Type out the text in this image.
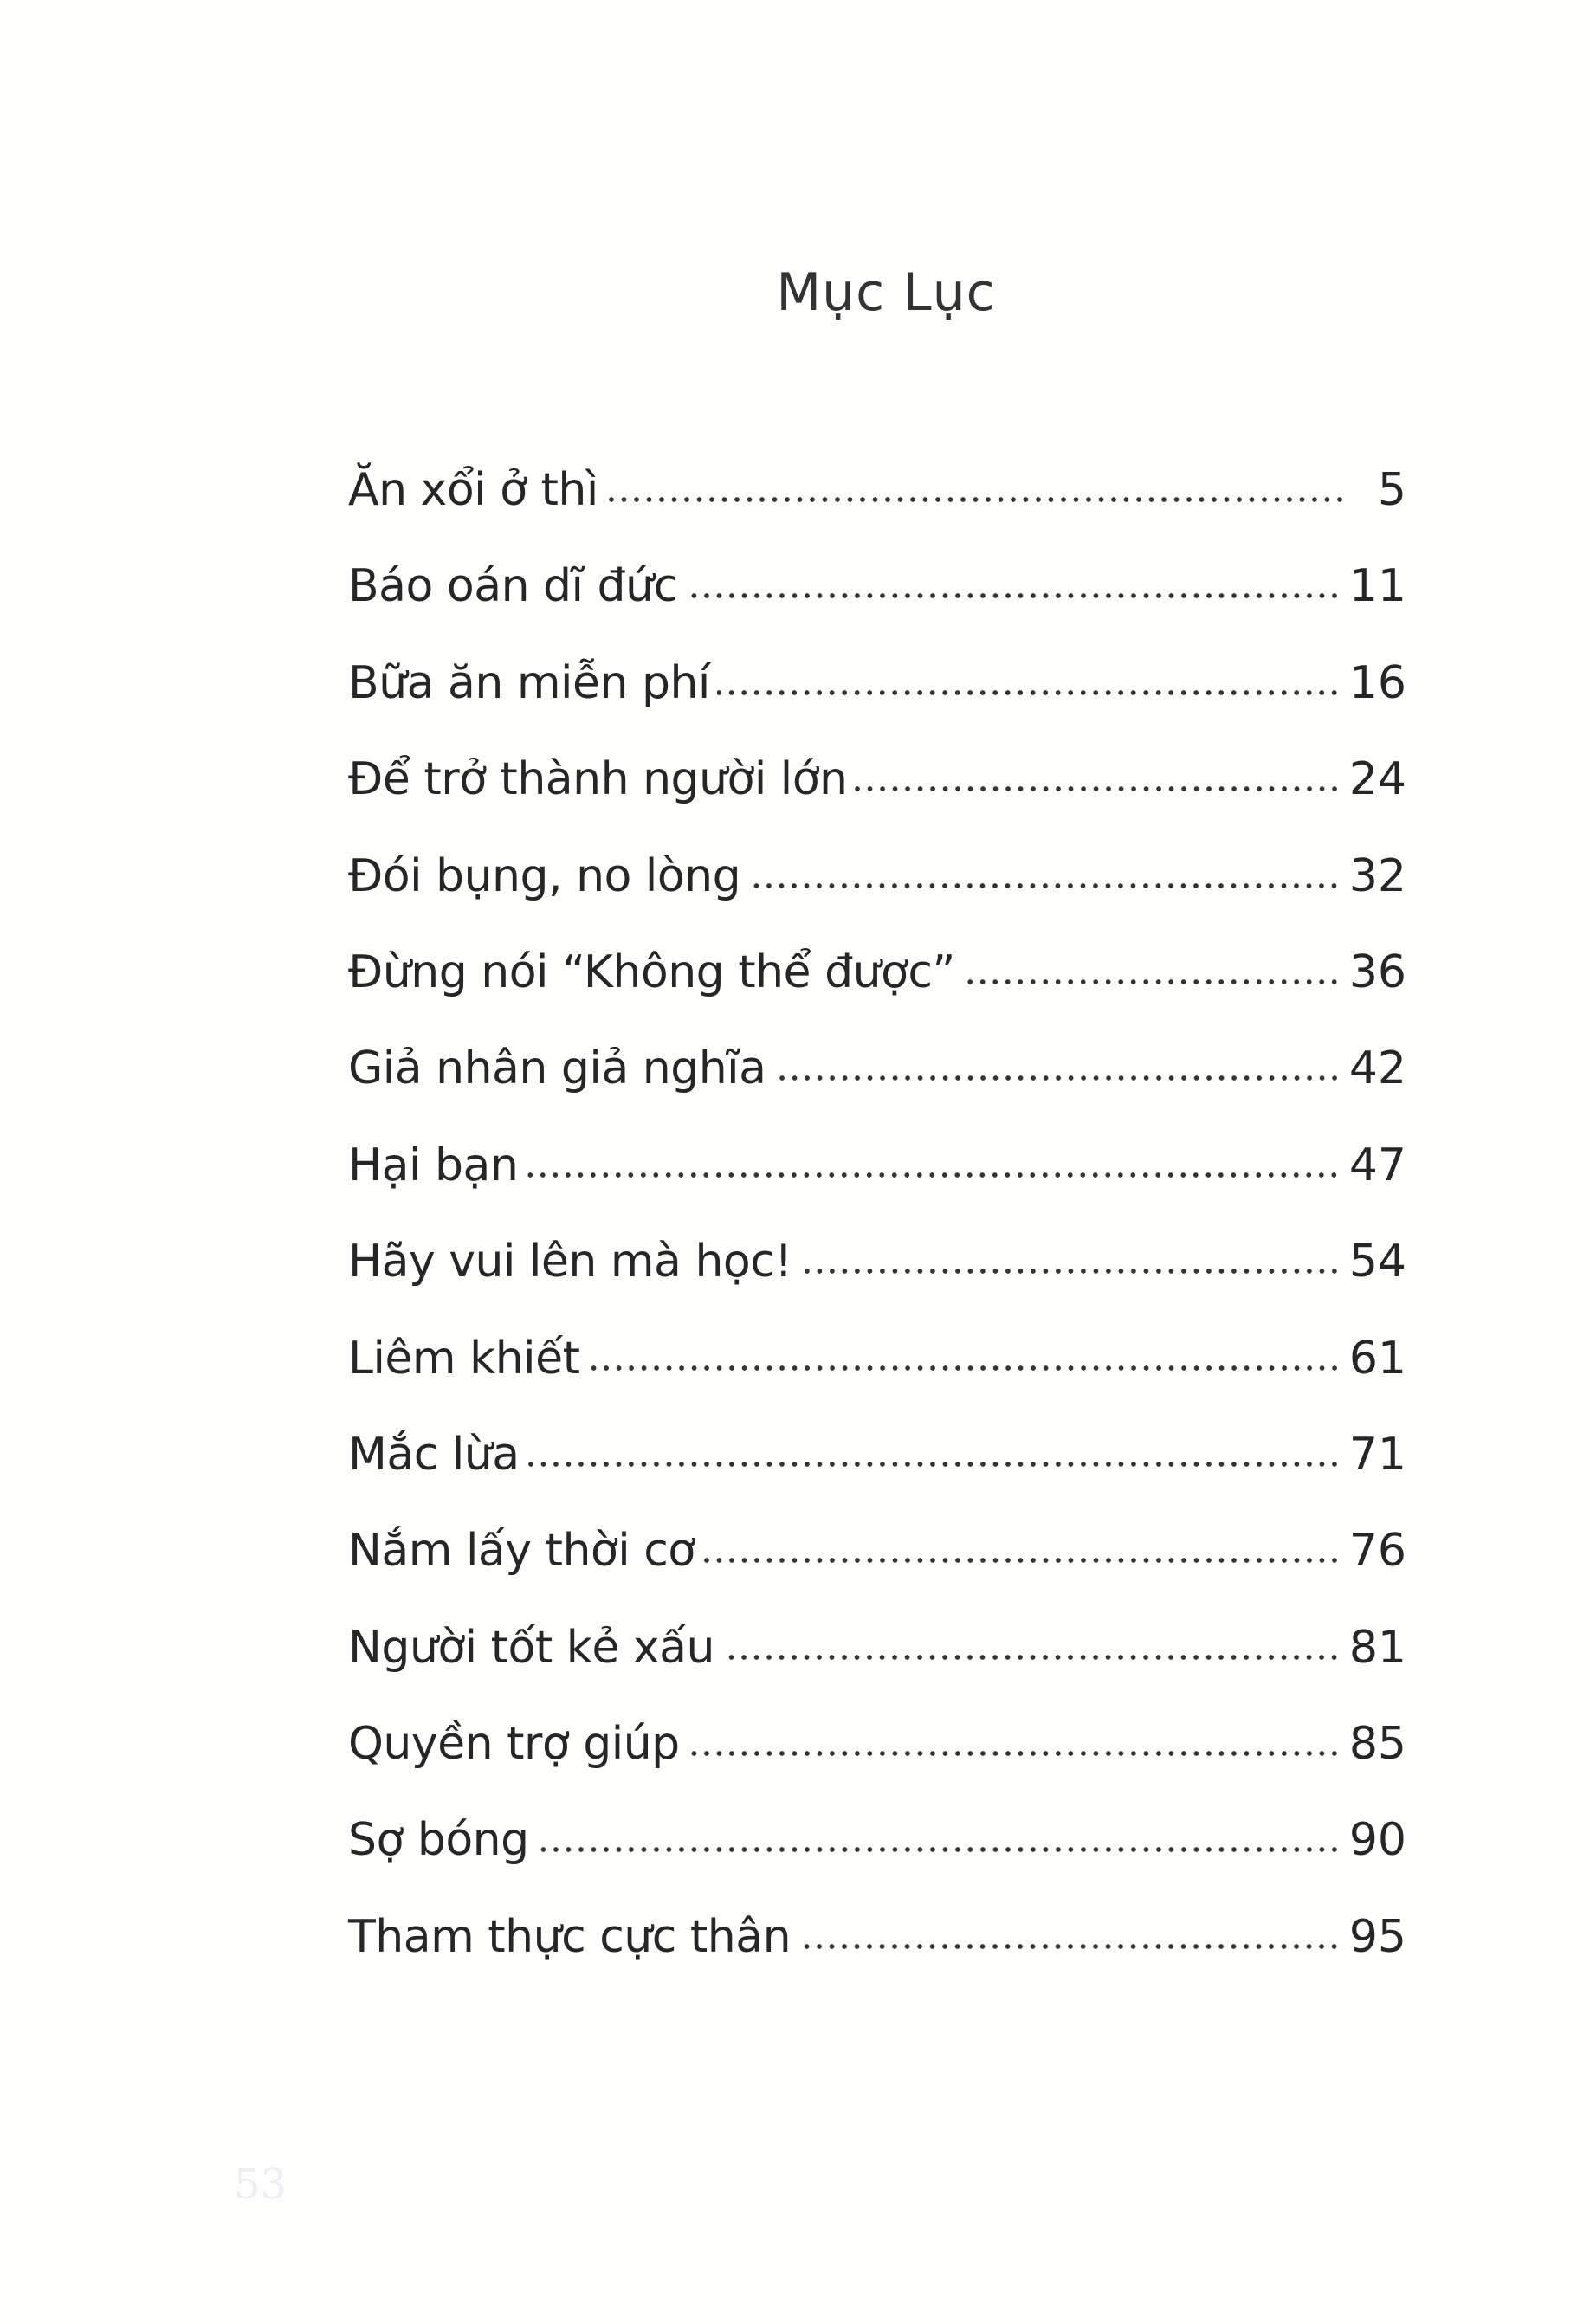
Mục Lục
Ăn xổi ở thì	5
Báo oán dĩ đức	11
Bữa ăn miễn phí	16
Để trở thành người lớn	24
Đói bụng, no lòng	32
Đừng nói “Không thể được”	36
Giả nhân giả nghĩa	42
Hại bạn	47
Hãy vui lên mà học!	54
Liêm khiết	61
Mắc lừa	71
Nắm lấy thời cơ	76
Người tốt kẻ xấu	81
Quyền trợ giúp	85
Sợ bóng	90
Tham thực cực thân	95
53
